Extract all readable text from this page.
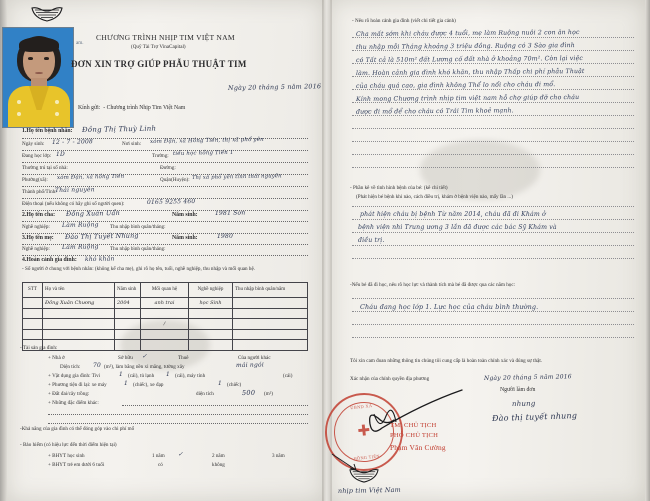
am.
CHƯƠNG TRÌNH NHỊP TIM VIỆT NAM
(Quỹ Tài Trợ VinaCapital)
ĐƠN XIN TRỢ GIÚP PHẪU THUẬT TIM
Ngày 20 tháng 5 năm 2016
Kính gửi:  - Chương trình Nhịp Tim Việt Nam
1.Họ tên bệnh nhân: Đồng Thị Thuỳ Linh
Ngày sinh: 12 - 7 - 2008	Nơi sinh: xóm Đận, xã Hồng Tiến, thị xã phổ yên
Đang học lớp: 1D	Trường: tiểu học hồng Tiến 1
Thường trú tại số nhà:	Đường:
Phường(xã): xóm Đận, xã hồng Tiến	Quận(Huyện): Thị xã phổ yên tỉnh thái nguyên
Thành phố/Tỉnh:
Thái nguyên
Điện thoại (nếu không có hãy ghi số người quen):	0165 9255 460
2.Họ tên cha: Đồng Xuân Uẩn	Năm sinh:	1981 Sơn
Nghề nghiệp: Làm Ruộng Thu nhập bình quân/tháng:
3.Họ tên mẹ: Đào Thị Tuyết Nhung	Năm sinh:	1980
Nghề nghiệp: Làm Ruộng Thu nhập bình quân/tháng:
4.Hoàn cảnh gia đình: khó khăn
- Số người ở chung với bệnh nhân: (không kể cha mẹ), ghi rõ họ tên, tuổi, nghề nghiệp, thu nhập và mối quan hệ.
STT	Họ và tên	Năm sinh	Mối quan hệ	Nghề nghiệp	Thu nhập bình quân/năm
	Đồng Xuân Chương	2004	anh trai	học Sinh	

			/		

- Tài sản gia đình:
+ Nhà ở	Sở hữu ✓	Thuê	Của người khác
Diện tích: 70 (m²), làm bằng nền xi măng, tường xây	mái ngói
+ Vật dụng gia đình: Tivi	1 (cái), tủ lạnh 1 (cái), máy tính	(cái)
+ Phương tiện đi lại: xe máy	1 (chiếc), xe đạp	1 (chiếc)
+ Đất đai/cây trồng:	diện tích	500 (m²)
+ Những đặc điểm khác:
-Khả năng của gia đình có thể đóng góp vào chi phí mổ
- Bảo hiểm (có hiệu lực đến thời điểm hiện tại)
+ BHYT học sinh	1 năm ✓	2 năm	3 năm
+ BHYT trẻ em dưới 6 tuổi	có	không
- Nêu rõ hoàn cảnh gia đình (viết chi tiết gia cảnh)
Cha mất sớm khi cháu được 4 tuổi, mẹ làm Ruộng nuôi 2 con ăn học
thu nhập mỗi Tháng khoảng 3 triệu đồng. Ruộng có 3 Sào gia đình
có Tất cả là 510m² đất Lương cố đất nhà ở khoảng 70m². Còn lại việc
làm. Hoàn cảnh gia đình khó khăn, thu nhập Thấp chi phí phẫu Thuật
của cháu quá cao, gia đình không Thể lo nổi cho cháu đi mổ.
Kính mong Chương trình nhịp tim việt nam hỗ chợ giúp đỡ cho cháu
được đi mổ để cho cháu có Trái Tim khoẻ mạnh.
- Phần kê về tình hình bệnh của bé: (kê chi tiết)
(Phát hiện bé bệnh khi nào, cách điều trị, khám ở bệnh viện nào, mấy lần ...)
phát hiện cháu bị bệnh Từ năm 2014, cháu đã đi Khám ở
bệnh viện nhi Trung ương 3 lần đã được các bác Sỹ Khám và
điều trị.
-Nếu bé đã đi học, nêu rõ học lực và thành tích mà bé đã được qua các năm học:
Cháu đang học lớp 1. Lực học của cháu bình thường.
Tôi xin cam đoan những thông tin chúng tôi cung cấp là hoàn toàn chính xác và đúng sự thật.
Xác nhận của chính quyền địa phương	Ngày 20 tháng 5 năm 2016
Người làm đơn
nhung
Đào thị tuyết nhung
UBND XÃ
✚
HỒNG TIẾN
TM. CHỦ TỊCH
PHÓ CHỦ TỊCH
Phạm Văn Cường
nhịp tim Việt Nam
